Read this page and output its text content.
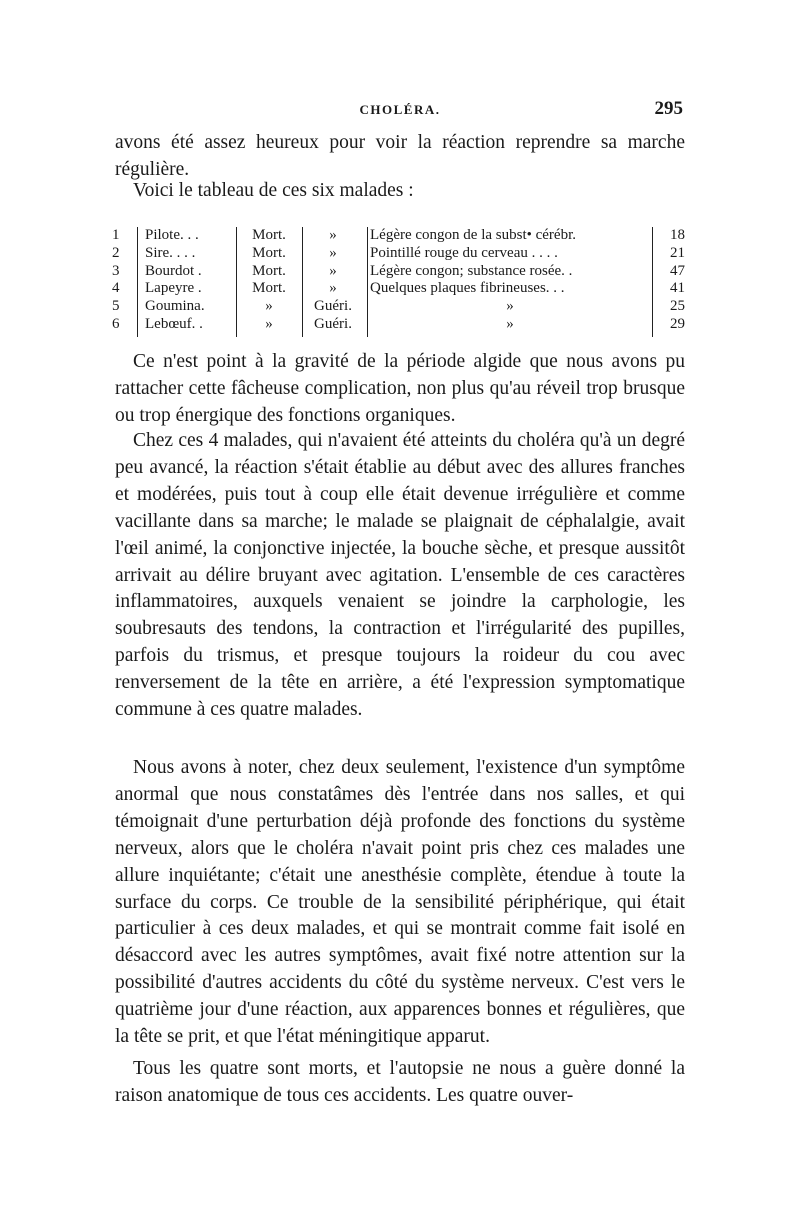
CHOLÉRA.	295

avons été assez heureux pour voir la réaction reprendre sa marche régulière.

Voici le tableau de ces six malades :

1	Pilote. . .	Mort.	»	Légère congon de la subst• cérébr.	18
2	Sire. . . .	Mort.	»	Pointillé rouge du cerveau . . . .	21
3	Bourdot .	Mort.	»	Légère congon; substance rosée. .	47
4	Lapeyre .	Mort.	»	Quelques plaques fibrineuses. . .	41
5	Goumina.	»	Guéri.	»	25
6	Lebœuf. .	»	Guéri.	»	29

Ce n'est point à la gravité de la période algide que nous avons pu rattacher cette fâcheuse complication, non plus qu'au réveil trop brusque ou trop énergique des fonctions organiques.

Chez ces 4 malades, qui n'avaient été atteints du choléra qu'à un degré peu avancé, la réaction s'était établie au début avec des allures franches et modérées, puis tout à coup elle était devenue irrégulière et comme vacillante dans sa marche; le malade se plaignait de céphalalgie, avait l'œil animé, la conjonctive injectée, la bouche sèche, et presque aussitôt arrivait au délire bruyant avec agitation. L'ensemble de ces caractères inflammatoires, auxquels venaient se joindre la carphologie, les soubresauts des tendons, la contraction et l'irrégularité des pupilles, parfois du trismus, et presque toujours la roideur du cou avec renversement de la tête en arrière, a été l'expression symptomatique commune à ces quatre malades.

Nous avons à noter, chez deux seulement, l'existence d'un symptôme anormal que nous constatâmes dès l'entrée dans nos salles, et qui témoignait d'une perturbation déjà profonde des fonctions du système nerveux, alors que le choléra n'avait point pris chez ces malades une allure inquiétante; c'était une anesthésie complète, étendue à toute la surface du corps. Ce trouble de la sensibilité périphérique, qui était particulier à ces deux malades, et qui se montrait comme fait isolé en désaccord avec les autres symptômes, avait fixé notre attention sur la possibilité d'autres accidents du côté du système nerveux. C'est vers le quatrième jour d'une réaction, aux apparences bonnes et régulières, que la tête se prit, et que l'état méningitique apparut.

Tous les quatre sont morts, et l'autopsie ne nous a guère donné la raison anatomique de tous ces accidents. Les quatre ouver-
